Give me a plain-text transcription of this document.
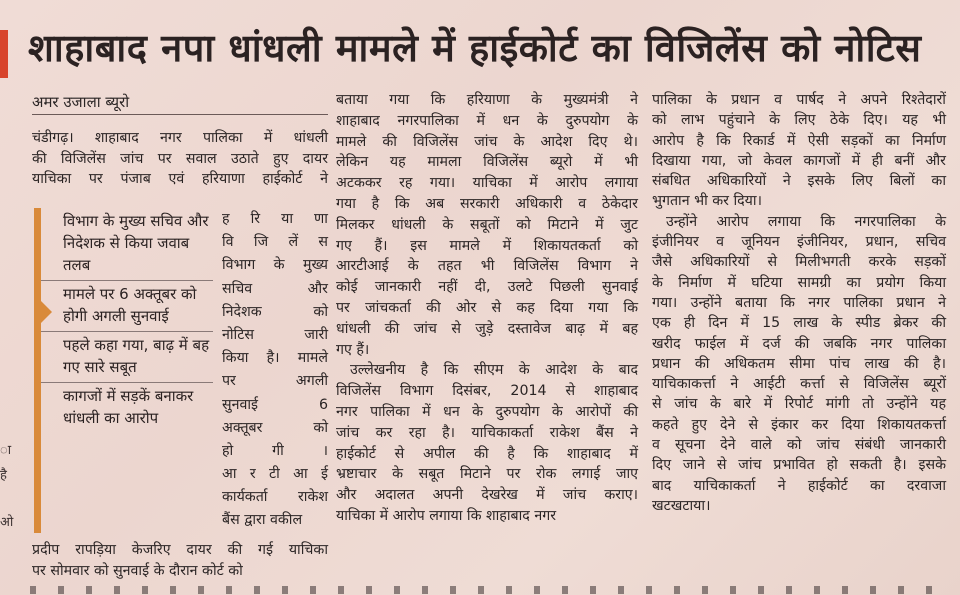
शाहाबाद नपा धांधली मामले में हाईकोर्ट का विजिलेंस को नोटिस
अमर उजाला ब्यूरो
चंडीगढ़। शाहाबाद नगर पालिका में धांधली
की विजिलेंस जांच पर सवाल उठाते हुए दायर
याचिका पर पंजाब एवं हरियाणा हाईकोर्ट ने
विभाग के मुख्य सचिव और निदेशक से किया जवाब तलब
मामले पर 6 अक्तूबर को होगी अगली सुनवाई
पहले कहा गया, बाढ़ में बह गए सारे सबूत
कागजों में सड़कें बनाकर धांधली का आरोप
ह रि या णा
वि जि लें स
विभाग के मुख्य
सचिव और
निदेशक को
नोटिस जारी
किया है। मामले
पर अगली
सुनवाई 6
अक्तूबर को
हो गी ।
आ र टी आ ई
कार्यकर्ता राकेश
बैंस द्वारा वकील
प्रदीप रापड़िया केजरिए दायर की गई याचिका
पर सोमवार को सुनवाई के दौरान कोर्ट को
बताया गया कि हरियाणा के मुख्यमंत्री ने
शाहाबाद नगरपालिका में धन के दुरुपयोग के
मामले की विजिलेंस जांच के आदेश दिए थे।
लेकिन यह मामला विजिलेंस ब्यूरो में भी
अटककर रह गया। याचिका में आरोप लगाया
गया है कि अब सरकारी अधिकारी व ठेकेदार
मिलकर धांधली के सबूतों को मिटाने में जुट
गए हैं। इस मामले में शिकायतकर्ता को
आरटीआई के तहत भी विजिलेंस विभाग ने
कोई जानकारी नहीं दी, उलटे पिछली सुनवाई
पर जांचकर्ता की ओर से कह दिया गया कि
धांधली की जांच से जुड़े दस्तावेज बाढ़ में बह
गए हैं।
उल्लेखनीय है कि सीएम के आदेश के बाद
विजिलेंस विभाग दिसंबर, 2014 से शाहाबाद
नगर पालिका में धन के दुरुपयोग के आरोपों की
जांच कर रहा है। याचिकाकर्ता राकेश बैंस ने
हाईकोर्ट से अपील की है कि शाहाबाद में
भ्रष्टाचार के सबूत मिटाने पर रोक लगाई जाए
और अदालत अपनी देखरेख में जांच कराए।
याचिका में आरोप लगाया कि शाहाबाद नगर
पालिका के प्रधान व पार्षद ने अपने रिश्तेदारों
को लाभ पहुंचाने के लिए ठेके दिए। यह भी
आरोप है कि रिकार्ड में ऐसी सड़कों का निर्माण
दिखाया गया, जो केवल कागजों में ही बनीं और
संबधित अधिकारियों ने इसके लिए बिलों का
भुगतान भी कर दिया।
उन्होंने आरोप लगाया कि नगरपालिका के
इंजीनियर व जूनियन इंजीनियर, प्रधान, सचिव
जैसे अधिकारियों से मिलीभगती करके सड़कों
के निर्माण में घटिया सामग्री का प्रयोग किया
गया। उन्होंने बताया कि नगर पालिका प्रधान ने
एक ही दिन में 15 लाख के स्पीड ब्रेकर की
खरीद फाईल में दर्ज की जबकि नगर पालिका
प्रधान की अधिकतम सीमा पांच लाख की है।
याचिकाकर्त्ता ने आईटी कर्त्ता से विजिलेंस ब्यूरों
से जांच के बारे में रिपोर्ट मांगी तो उन्होंने यह
कहते हुए देने से इंकार कर दिया शिकायतकर्त्ता
व सूचना देने वाले को जांच संबंधी जानकारी
दिए जाने से जांच प्रभावित हो सकती है। इसके
बाद याचिकाकर्ता ने हाईकोर्ट का दरवाजा
खटखटाया।
ा
है
ओ
